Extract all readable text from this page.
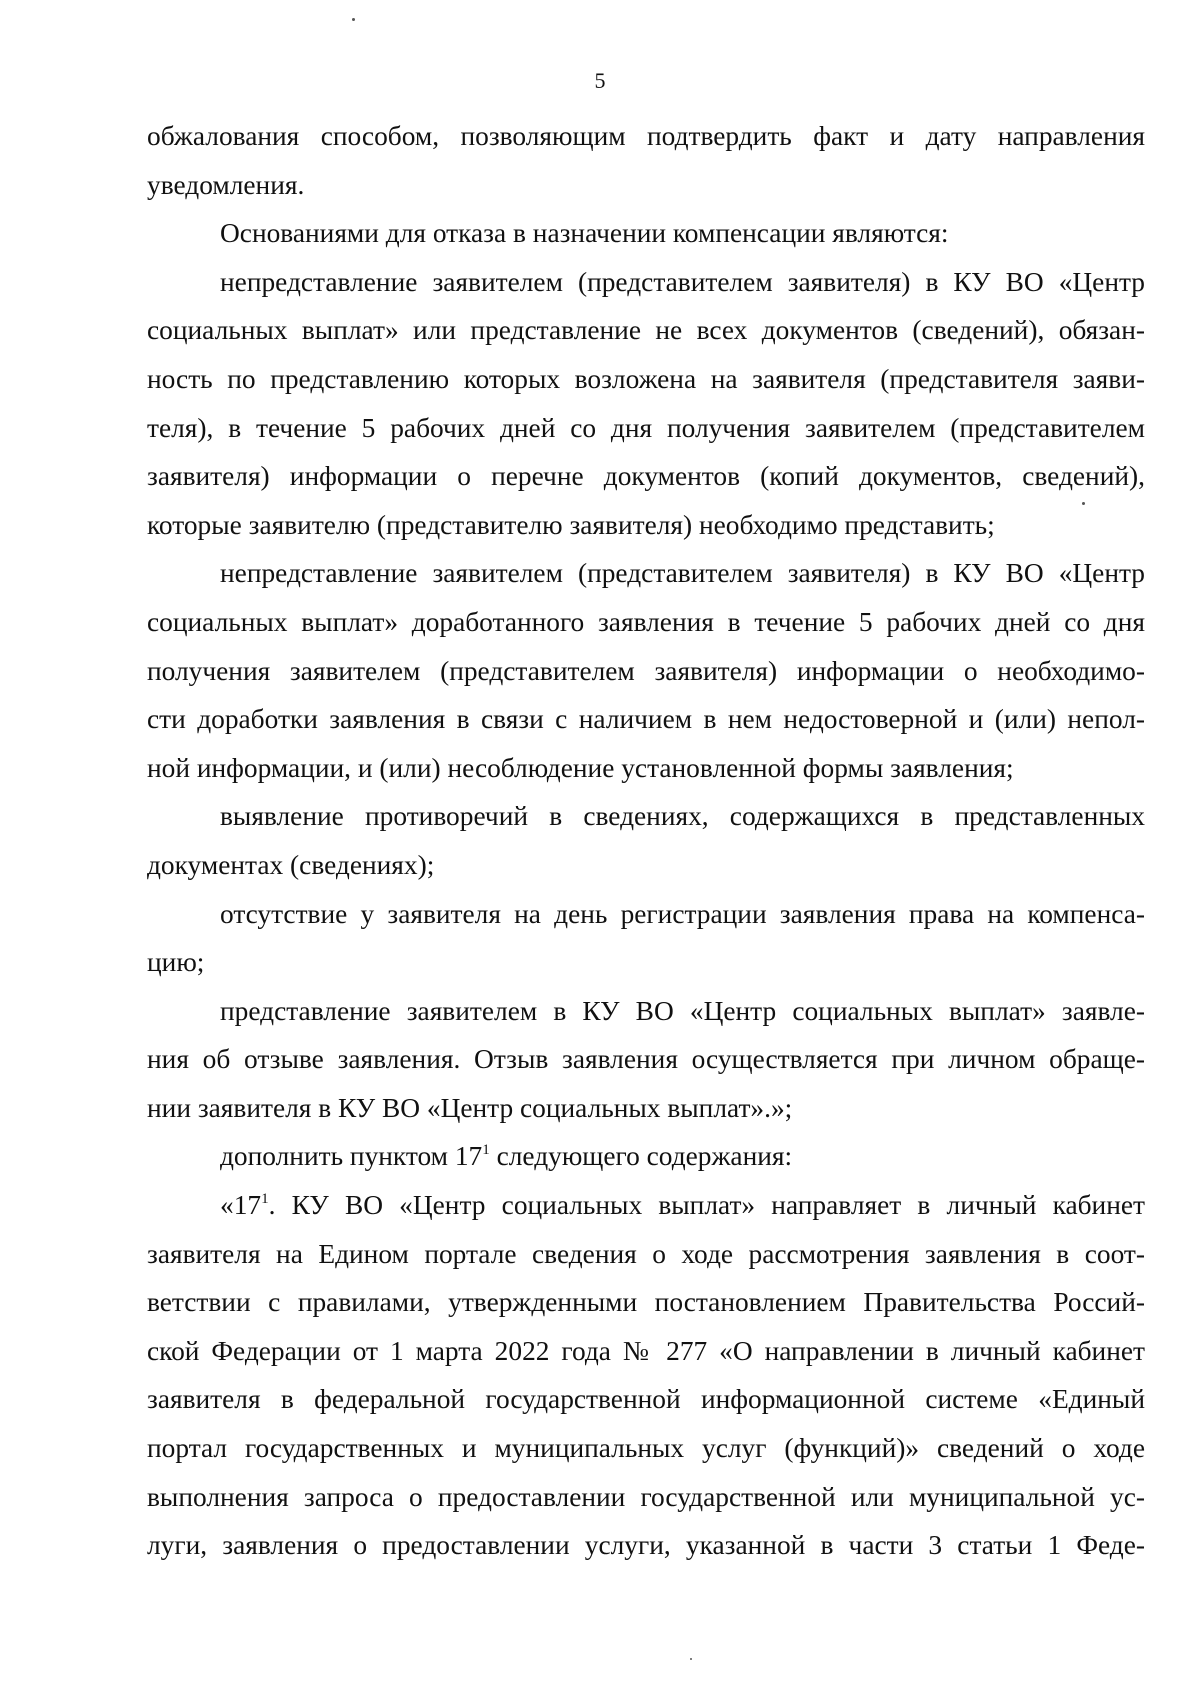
5
обжалования способом, позволяющим подтвердить факт и дату направления
уведомления.
Основаниями для отказа в назначении компенсации являются:
непредставление заявителем (представителем заявителя) в КУ ВО «Центр
социальных выплат» или представление не всех документов (сведений), обязан-
ность по представлению которых возложена на заявителя (представителя заяви-
теля), в течение 5 рабочих дней со дня получения заявителем (представителем
заявителя) информации о перечне документов (копий документов, сведений),
которые заявителю (представителю заявителя) необходимо представить;
непредставление заявителем (представителем заявителя) в КУ ВО «Центр
социальных выплат» доработанного заявления в течение 5 рабочих дней со дня
получения заявителем (представителем заявителя) информации о необходимо-
сти доработки заявления в связи с наличием в нем недостоверной и (или) непол-
ной информации, и (или) несоблюдение установленной формы заявления;
выявление противоречий в сведениях, содержащихся в представленных
документах (сведениях);
отсутствие у заявителя на день регистрации заявления права на компенса-
цию;
представление заявителем в КУ ВО «Центр социальных выплат» заявле-
ния об отзыве заявления. Отзыв заявления осуществляется при личном обраще-
нии заявителя в КУ ВО «Центр социальных выплат».»;
дополнить пунктом $17^1$ следующего содержания:
«$17^1$. КУ ВО «Центр социальных выплат» направляет в личный кабинет
заявителя на Едином портале сведения о ходе рассмотрения заявления в соот-
ветствии с правилами, утвержденными постановлением Правительства Россий-
ской Федерации от 1 марта 2022 года № 277 «О направлении в личный кабинет
заявителя в федеральной государственной информационной системе «Единый
портал государственных и муниципальных услуг (функций)» сведений о ходе
выполнения запроса о предоставлении государственной или муниципальной ус-
луги, заявления о предоставлении услуги, указанной в части 3 статьи 1 Феде-
